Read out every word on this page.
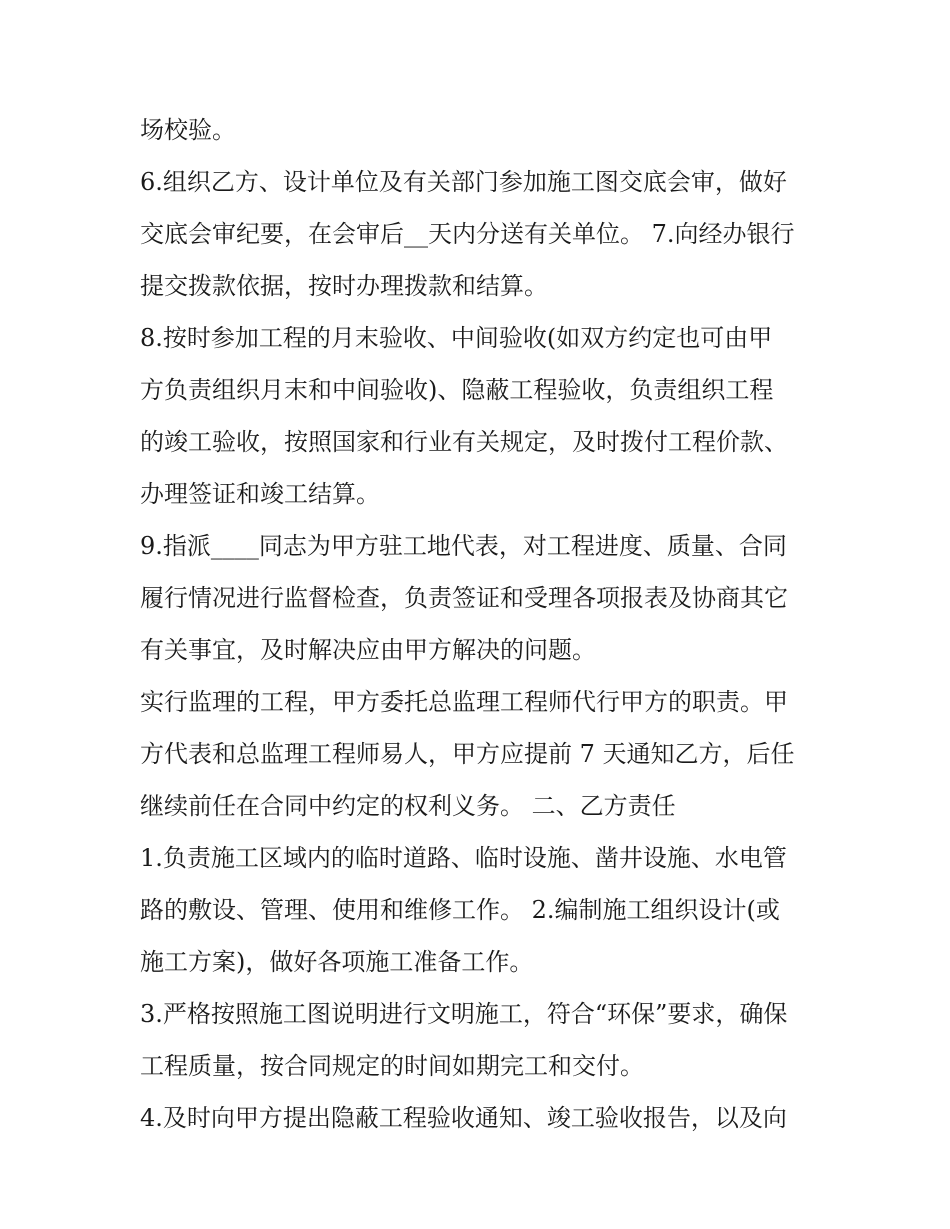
场校验。
6.组织乙方、设计单位及有关部门参加施工图交底会审，做好
交底会审纪要，在会审后__天内分送有关单位。 7.向经办银行
提交拨款依据，按时办理拨款和结算。
8.按时参加工程的月末验收、中间验收(如双方约定也可由甲
方负责组织月末和中间验收)、隐蔽工程验收，负责组织工程
的竣工验收，按照国家和行业有关规定，及时拨付工程价款、
办理签证和竣工结算。
9.指派____同志为甲方驻工地代表，对工程进度、质量、合同
履行情况进行监督检查，负责签证和受理各项报表及协商其它
有关事宜，及时解决应由甲方解决的问题。
实行监理的工程，甲方委托总监理工程师代行甲方的职责。甲
方代表和总监理工程师易人，甲方应提前 7 天通知乙方，后任
继续前任在合同中约定的权利义务。 二、乙方责任
1.负责施工区域内的临时道路、临时设施、凿井设施、水电管
路的敷设、管理、使用和维修工作。 2.编制施工组织设计(或
施工方案)，做好各项施工准备工作。
3.严格按照施工图说明进行文明施工，符合“环保”要求，确保
工程质量，按合同规定的时间如期完工和交付。
4.及时向甲方提出隐蔽工程验收通知、竣工验收报告，以及向
